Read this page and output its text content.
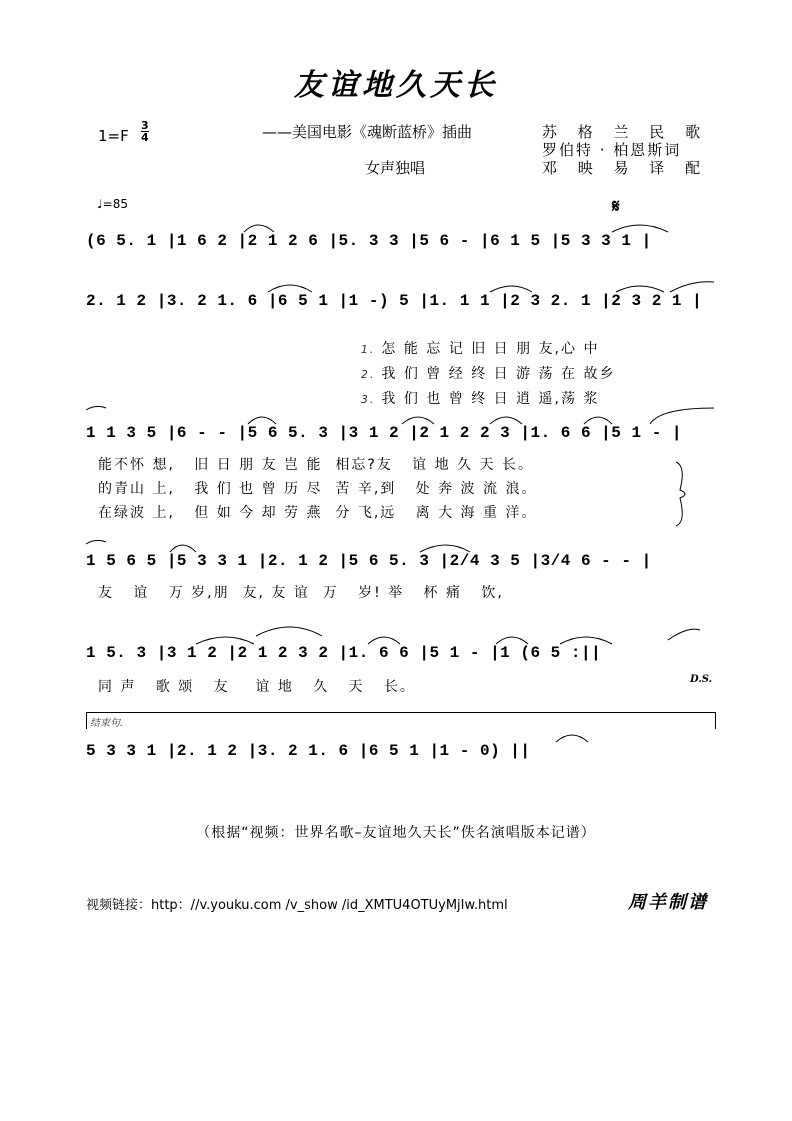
友谊地久天长
1=F
3
4	——美国电影《魂断蓝桥》插曲
女声独唱
苏 格 兰 民 歌
罗伯特 · 柏恩斯词
邓 映 易 译 配
♩=85	𝄋
(6 5. 1 |1 6 2 |2 1 2 6 |5. 3 3 |5 6 - |6 1 5 |5 3 3 1 |
2. 1 2 |3. 2 1. 6 |6 5 1 |1 -) 5 |1. 1 1 |2 3 2. 1 |2 3 2 1 |
1 1 3 5 |6 - - |5 6 5. 3 |3 1 2 |2 1 2 2 3 |1. 6 6 |5 1 - |
1 5 6 5 |5 3 3 1 |2. 1 2 |5 6 5. 3 |2/4 3 5 |3/4 6 - - |
1 5. 3 |3 1 2 |2 1 2 3 2 |1. 6 6 |5 1 - |1 (6 5 :||
5 3 3 1 |2. 1 2 |3. 2 1. 6 |6 5 1 |1 - 0) ||

1. 怎 能 忘 记 旧 日 朋 友,心 中

2. 我 们 曾 经 终 日 游 荡 在 故乡

3. 我 们 也 曾 终 日 逍 遥,荡 浆

能不怀 想,   旧 日 朋 友 岂 能  相忘?友   谊 地 久 天 长。
的青山 上,   我 们 也 曾 历 尽  苦 辛,到   处 奔 波 流 浪。
在绿波 上,   但 如 今 却 劳 燕  分 飞,远   离 大 海 重 洋。
友   谊   万 岁,朋  友, 友 谊  万   岁! 举   杯 痛   饮,
同 声   歌 颂   友    谊 地   久   天   长。	D.S.
结束句.
（根据“视频：世界名歌–友谊地久天长”佚名演唱版本记谱）
视频链接：http：//v.youku.com /v_show /id_XMTU4OTUyMjIw.html	周羊制谱
